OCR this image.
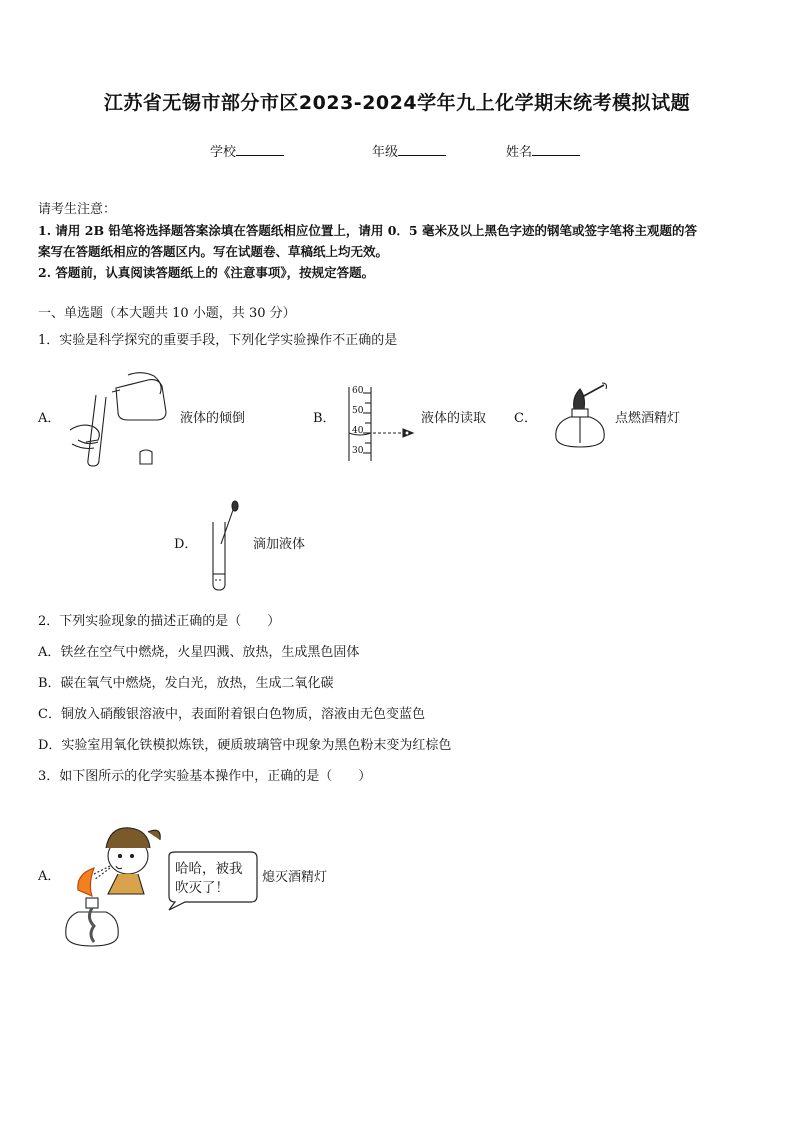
江苏省无锡市部分市区2023-2024学年九上化学期末统考模拟试题
学校	年级	姓名
请考生注意：
1. 请用 2B 铅笔将选择题答案涂填在答题纸相应位置上，请用 0．5 毫米及以上黑色字迹的钢笔或签字笔将主观题的答
案写在答题纸相应的答题区内。写在试题卷、草稿纸上均无效。
2. 答题前，认真阅读答题纸上的《注意事项》，按规定答题。
一、单选题（本大题共 10 小题，共 30 分）
1．实验是科学探究的重要手段，下列化学实验操作不正确的是
A．	液体的倾倒	B．
60
50
40
30
液体的读取 C．	点燃酒精灯
D．	滴加液体
2．下列实验现象的描述正确的是（　　）
A．铁丝在空气中燃烧，火星四溅、放热，生成黑色固体
B．碳在氧气中燃烧，发白光，放热，生成二氧化碳
C．铜放入硝酸银溶液中，表面附着银白色物质，溶液由无色变蓝色
D．实验室用氧化铁模拟炼铁，硬质玻璃管中现象为黑色粉末变为红棕色
3．如下图所示的化学实验基本操作中，正确的是（　　）
A．	哈哈，被我
吹灭了！
熄灭酒精灯
